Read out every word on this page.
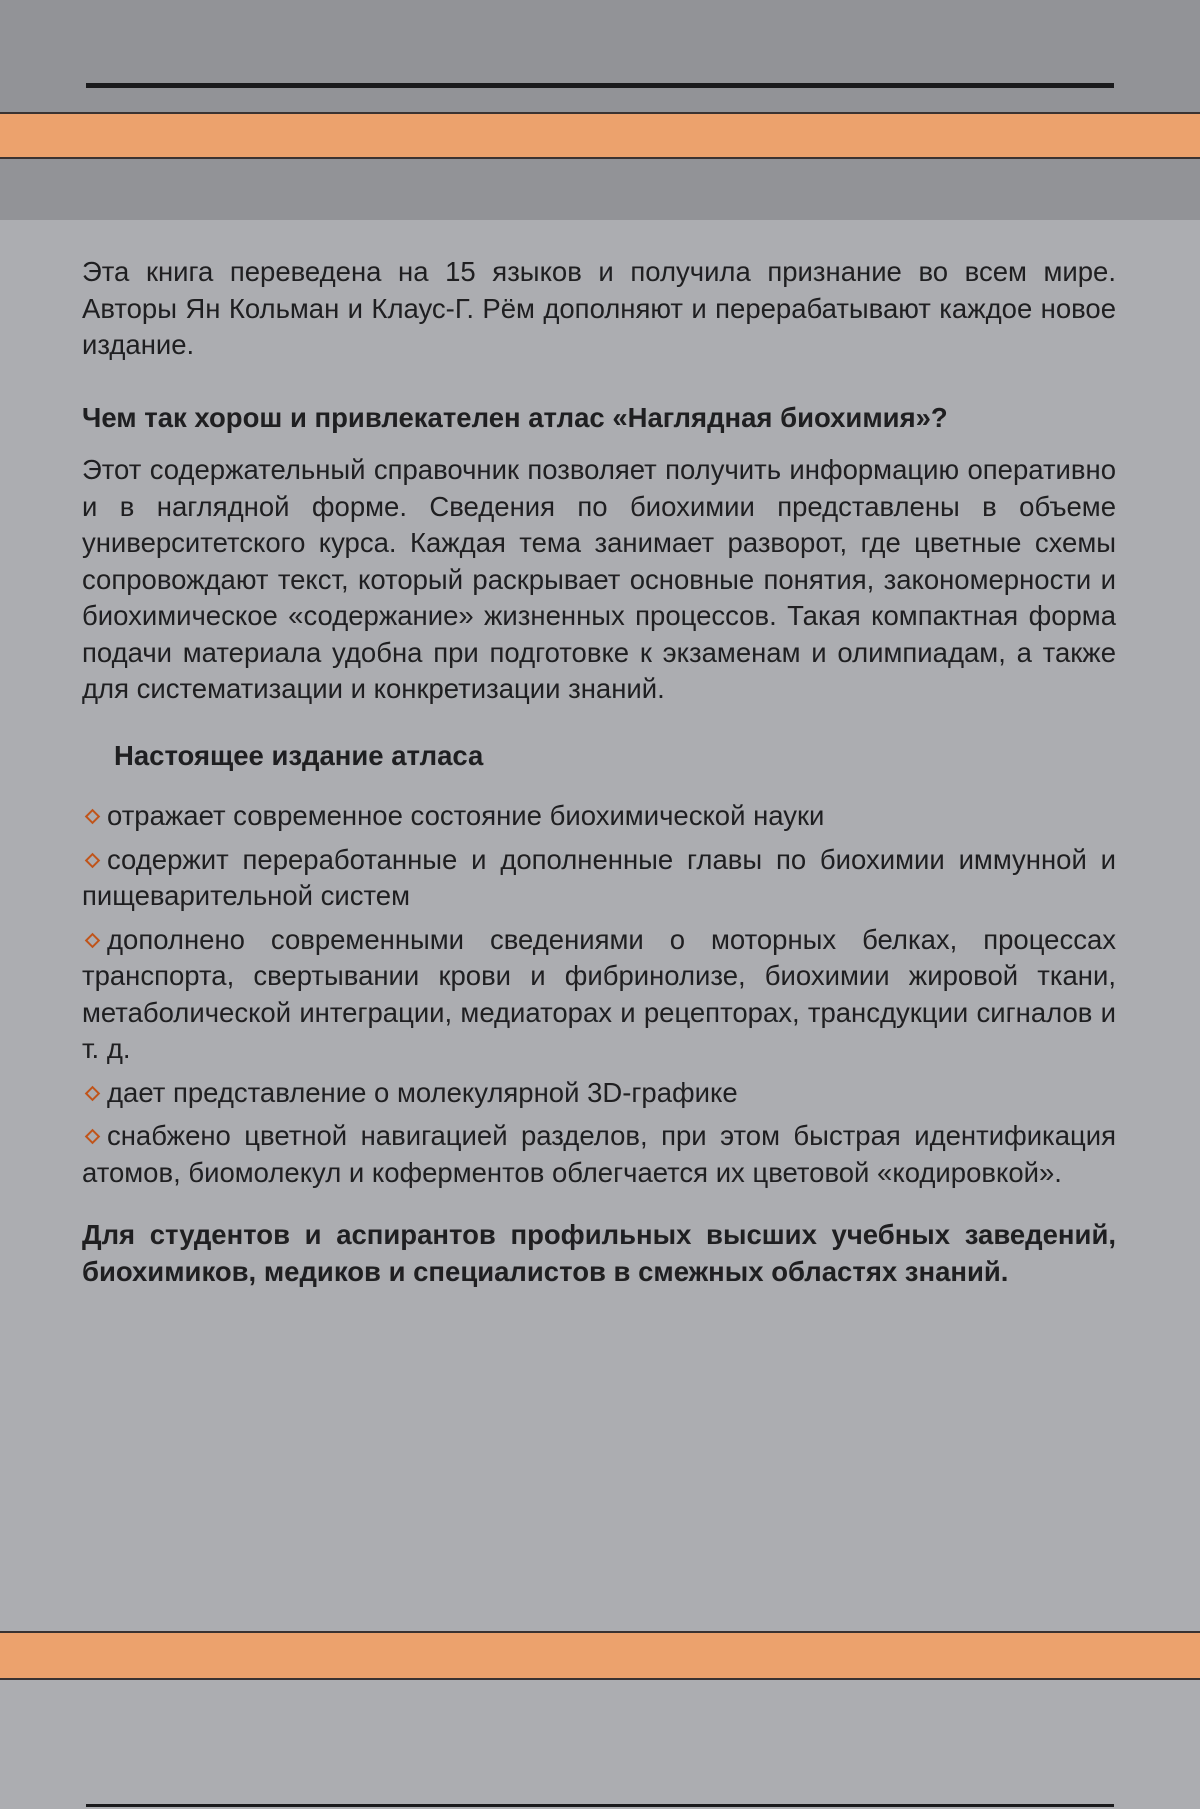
Эта книга переведена на 15 языков и получила признание во всем мире. Авторы Ян Кольман и Клаус-Г. Рём дополняют и перерабатывают каждое новое издание.

Чем так хорош и привлекателен атлас «Наглядная биохимия»?

Этот содержательный справочник позволяет получить информацию оперативно и в наглядной форме. Сведения по биохимии представлены в объеме университетского курса. Каждая тема занимает разворот, где цветные схемы сопровождают текст, который раскрывает основные понятия, закономерности и биохимическое «содержание» жизненных процессов. Такая компактная форма подачи материала удобна при подготовке к экзаменам и олимпиадам, а также для систематизации и конкретизации знаний.

Настоящее издание атласа

отражает современное состояние биохимической науки
содержит переработанные и дополненные главы по биохимии иммунной и пищеварительной систем
дополнено современными сведениями о моторных белках, процессах транспорта, свертывании крови и фибринолизе, биохимии жировой ткани, метаболической интеграции, медиаторах и рецепторах, трансдукции сигналов и т. д.
дает представление о молекулярной 3D-графике
снабжено цветной навигацией разделов, при этом быстрая идентификация атомов, биомолекул и коферментов облегчается их цветовой «кодировкой».

Для студентов и аспирантов профильных высших учебных заведений, биохимиков, медиков и специалистов в смежных областях знаний.
